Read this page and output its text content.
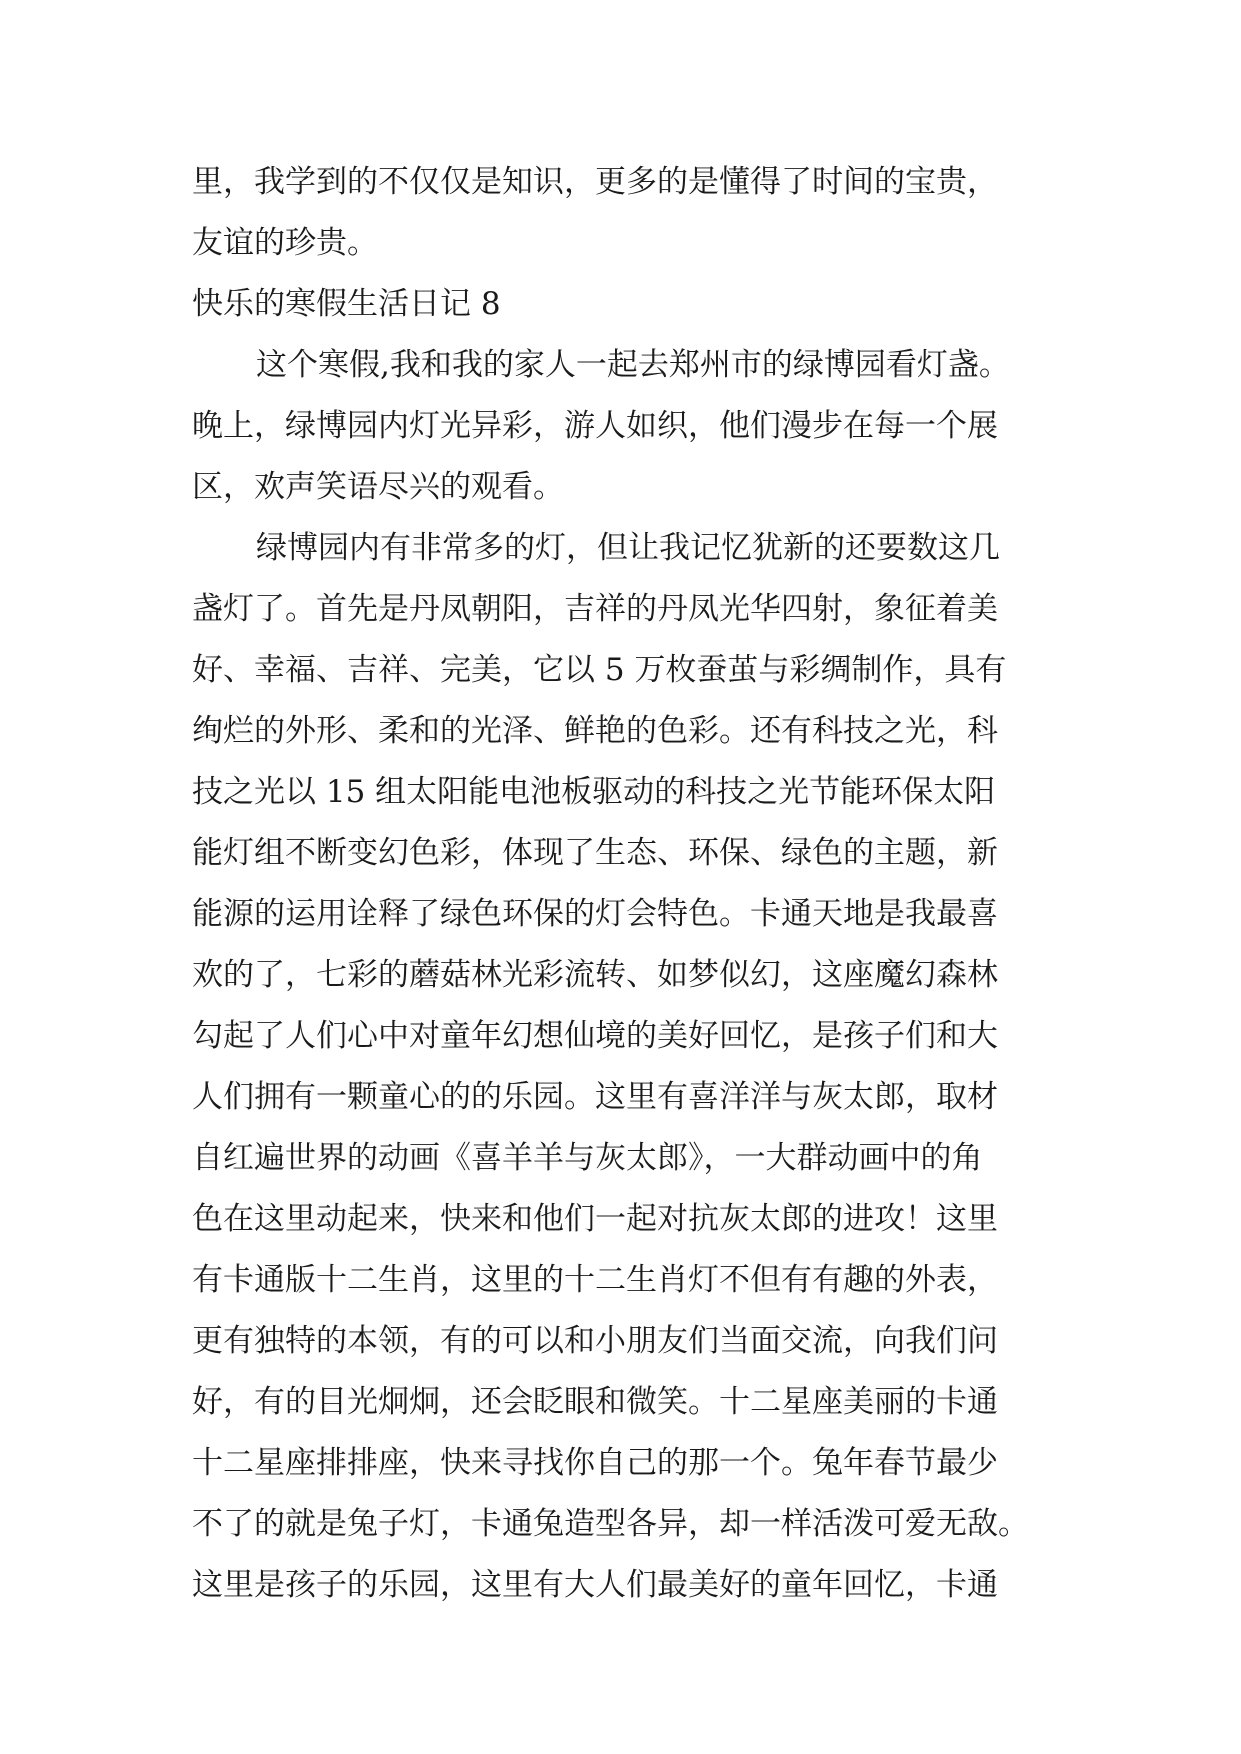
里，我学到的不仅仅是知识，更多的是懂得了时间的宝贵，
友谊的珍贵。
快乐的寒假生活日记 8
这个寒假,我和我的家人一起去郑州市的绿博园看灯盏。
晚上，绿博园内灯光异彩，游人如织，他们漫步在每一个展
区，欢声笑语尽兴的观看。
绿博园内有非常多的灯，但让我记忆犹新的还要数这几
盏灯了。首先是丹凤朝阳，吉祥的丹凤光华四射，象征着美
好、幸福、吉祥、完美，它以 5 万枚蚕茧与彩绸制作，具有
绚烂的外形、柔和的光泽、鲜艳的色彩。还有科技之光，科
技之光以 15 组太阳能电池板驱动的科技之光节能环保太阳
能灯组不断变幻色彩，体现了生态、环保、绿色的主题，新
能源的运用诠释了绿色环保的灯会特色。卡通天地是我最喜
欢的了，七彩的蘑菇林光彩流转、如梦似幻，这座魔幻森林
勾起了人们心中对童年幻想仙境的美好回忆，是孩子们和大
人们拥有一颗童心的的乐园。这里有喜洋洋与灰太郎，取材
自红遍世界的动画《喜羊羊与灰太郎》，一大群动画中的角
色在这里动起来，快来和他们一起对抗灰太郎的进攻！这里
有卡通版十二生肖，这里的十二生肖灯不但有有趣的外表，
更有独特的本领，有的可以和小朋友们当面交流，向我们问
好，有的目光炯炯，还会眨眼和微笑。十二星座美丽的卡通
十二星座排排座，快来寻找你自己的那一个。兔年春节最少
不了的就是兔子灯，卡通兔造型各异，却一样活泼可爱无敌。
这里是孩子的乐园，这里有大人们最美好的童年回忆，卡通
